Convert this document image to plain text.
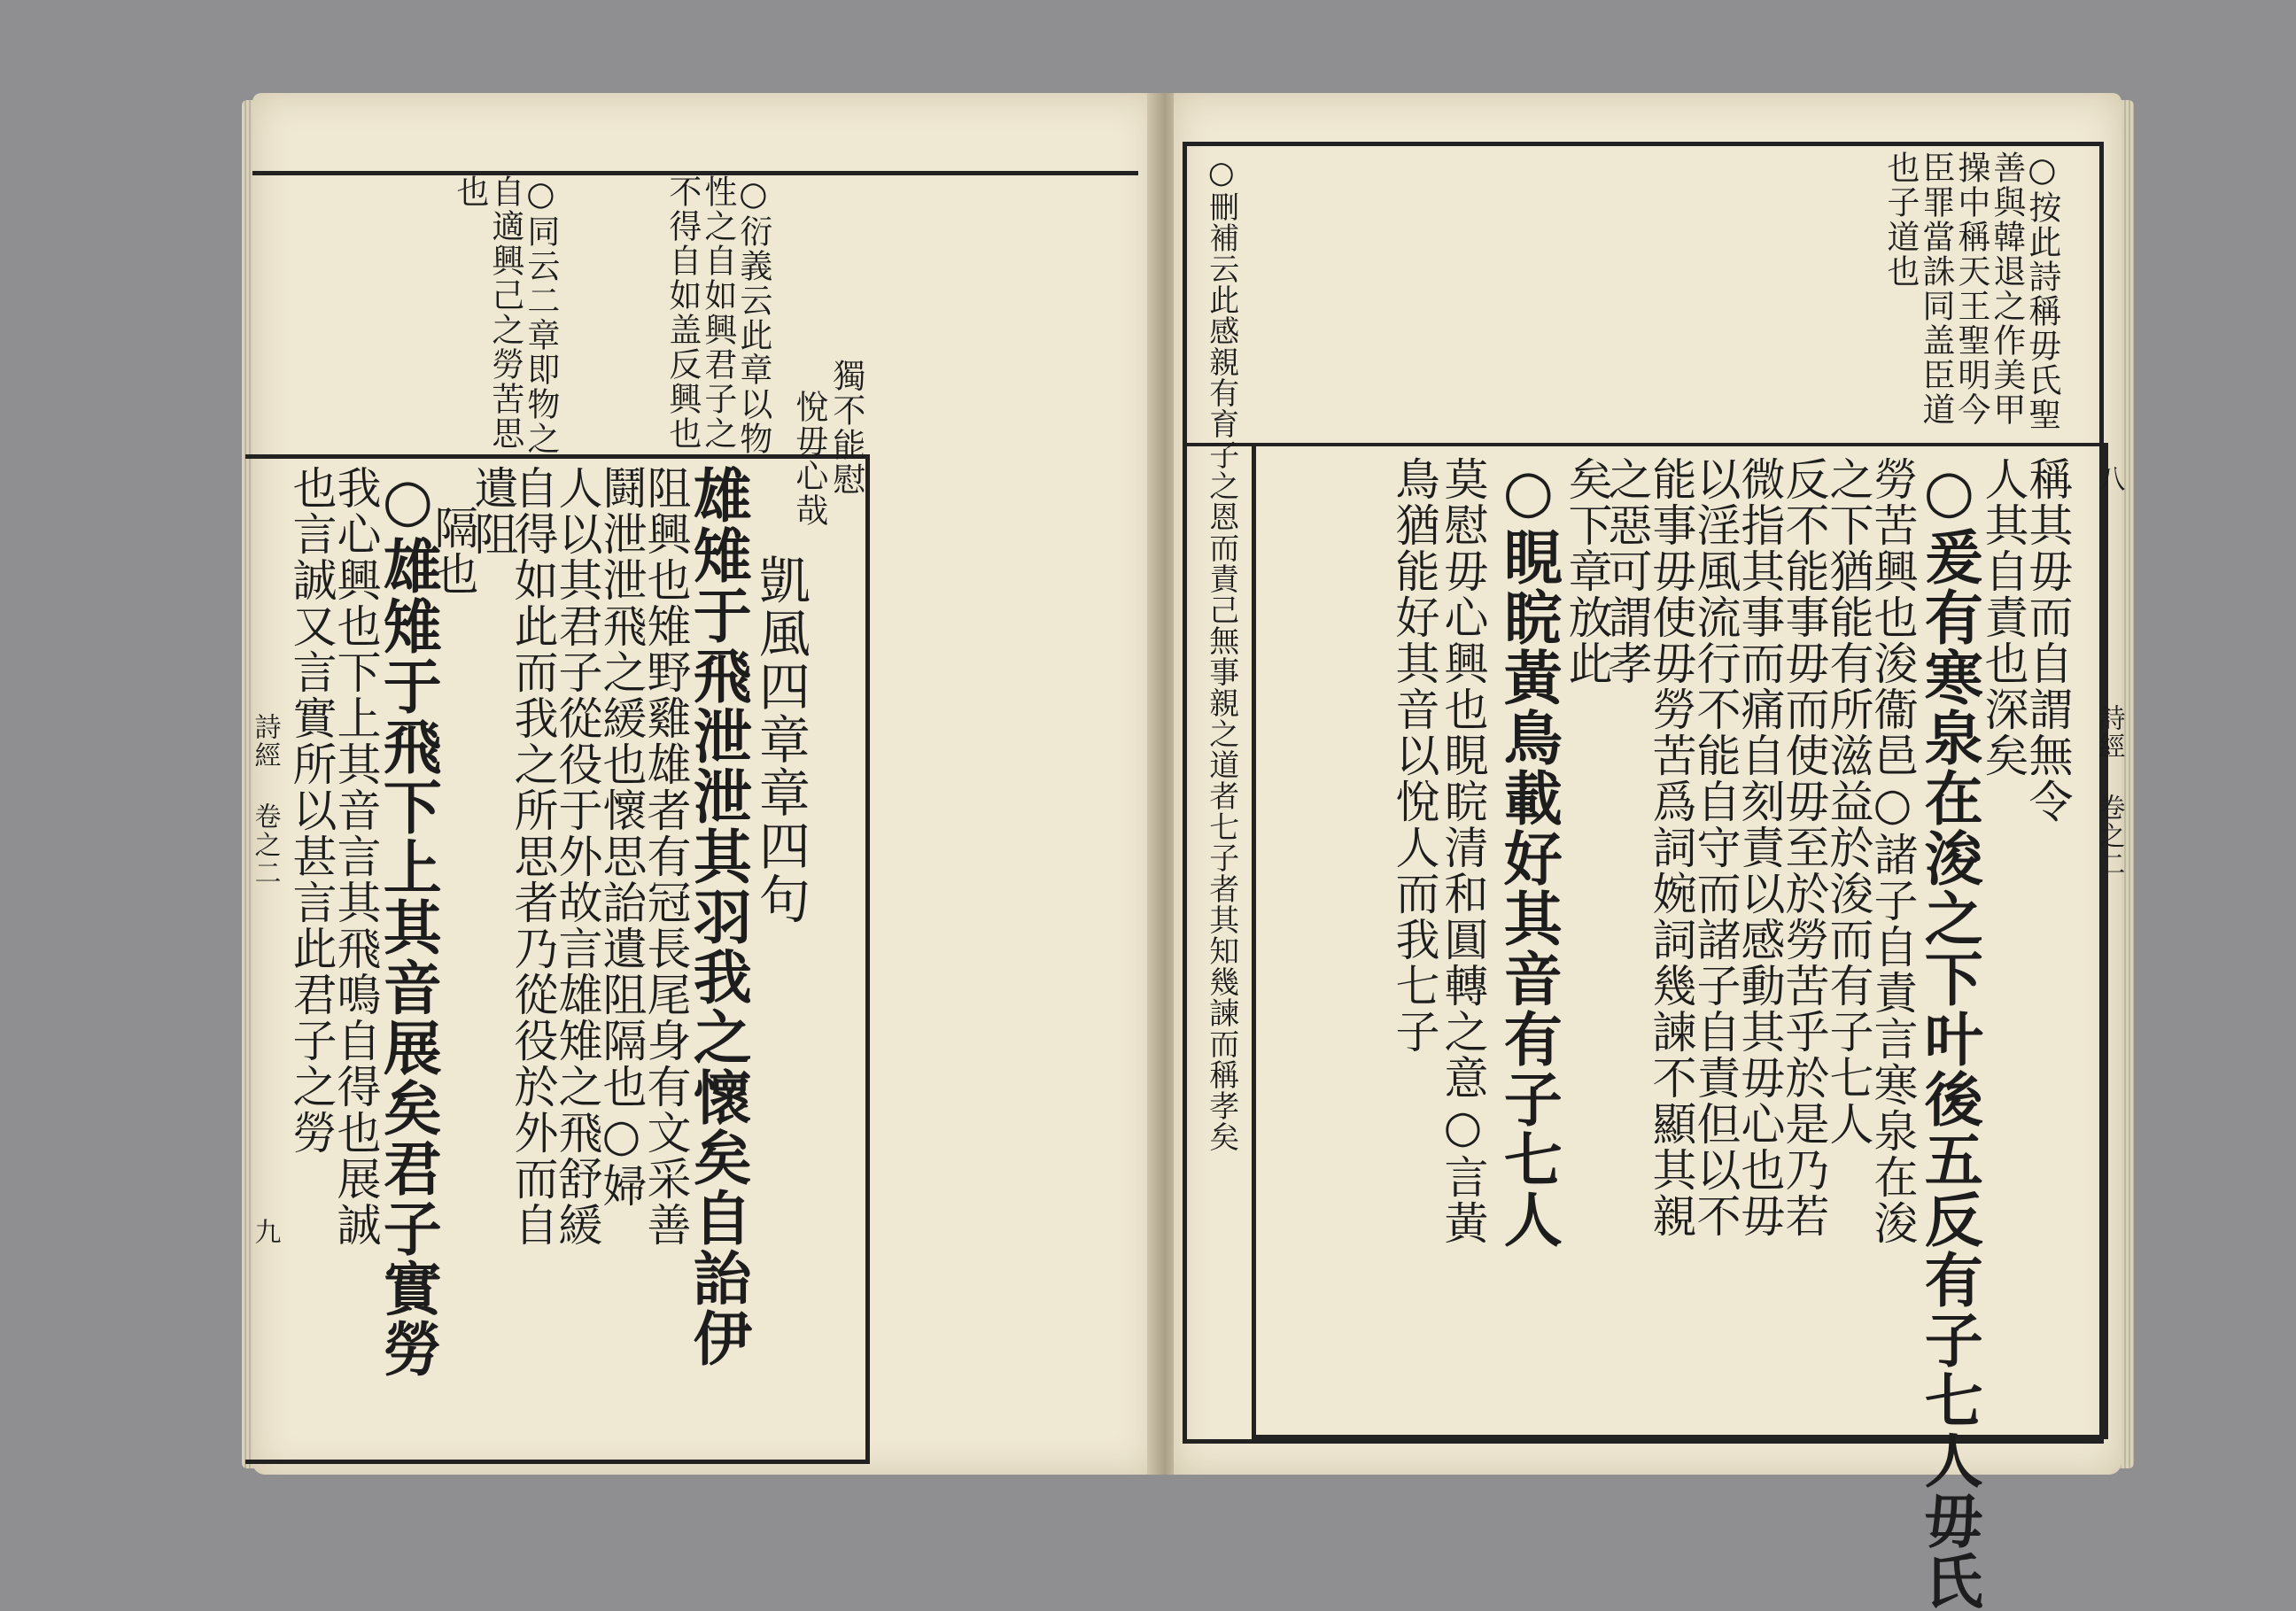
○衍義云此章以物
性之自如興君子之
不得自如盖反興也
○同云二章即物之
自適興己之勞苦思
也
獨不能慰
悅毋心哉
凱風四章章四句
雄雉于飛泄泄其羽我之懷矣自詒伊
阻興也雉野雞雄者有冠長尾身有文采善
鬪泄泄飛之緩也懷思詒遺阻隔也○婦
人以其君子從役于外故言雄雉之飛舒緩
自得如此而我之所思者乃從役於外而自
遺阻
隔也
○雄雉于飛下上其音展矣君子實勞
我心興也下上其音言其飛鳴自得也展誠
也言誠又言實所以甚言此君子之勞
詩經 卷之二
九
○按此詩稱毋氏聖
善與韓退之作美甲
操中稱天王聖明今
臣罪當誅同盖臣道
也子道也
○刪補云此感親有育子之恩而責己無事親之道者七子者其知幾諫而稱孝矣	稱其毋而自謂無令
人其自責也深矣
○爰有寒泉在浚之下叶後五反有子七人毋氏
勞苦興也浚衞邑○諸子自責言寒泉在浚
之下猶能有所滋益於浚而有子七人
反不能事毋而使毋至於勞苦乎於是乃若
微指其事而痛自刻責以感動其毋心也毋
以淫風流行不能自守而諸子自責但以不
能事毋使毋勞苦爲詞婉詞幾諫不顯其親
之惡可謂孝
矣下章放此
○睍睆黃鳥載好其音有子七人
莫慰毋心興也睍睆清和圓轉之意○言黃
鳥猶能好其音以悅人而我七子	詩經 卷之二
八
